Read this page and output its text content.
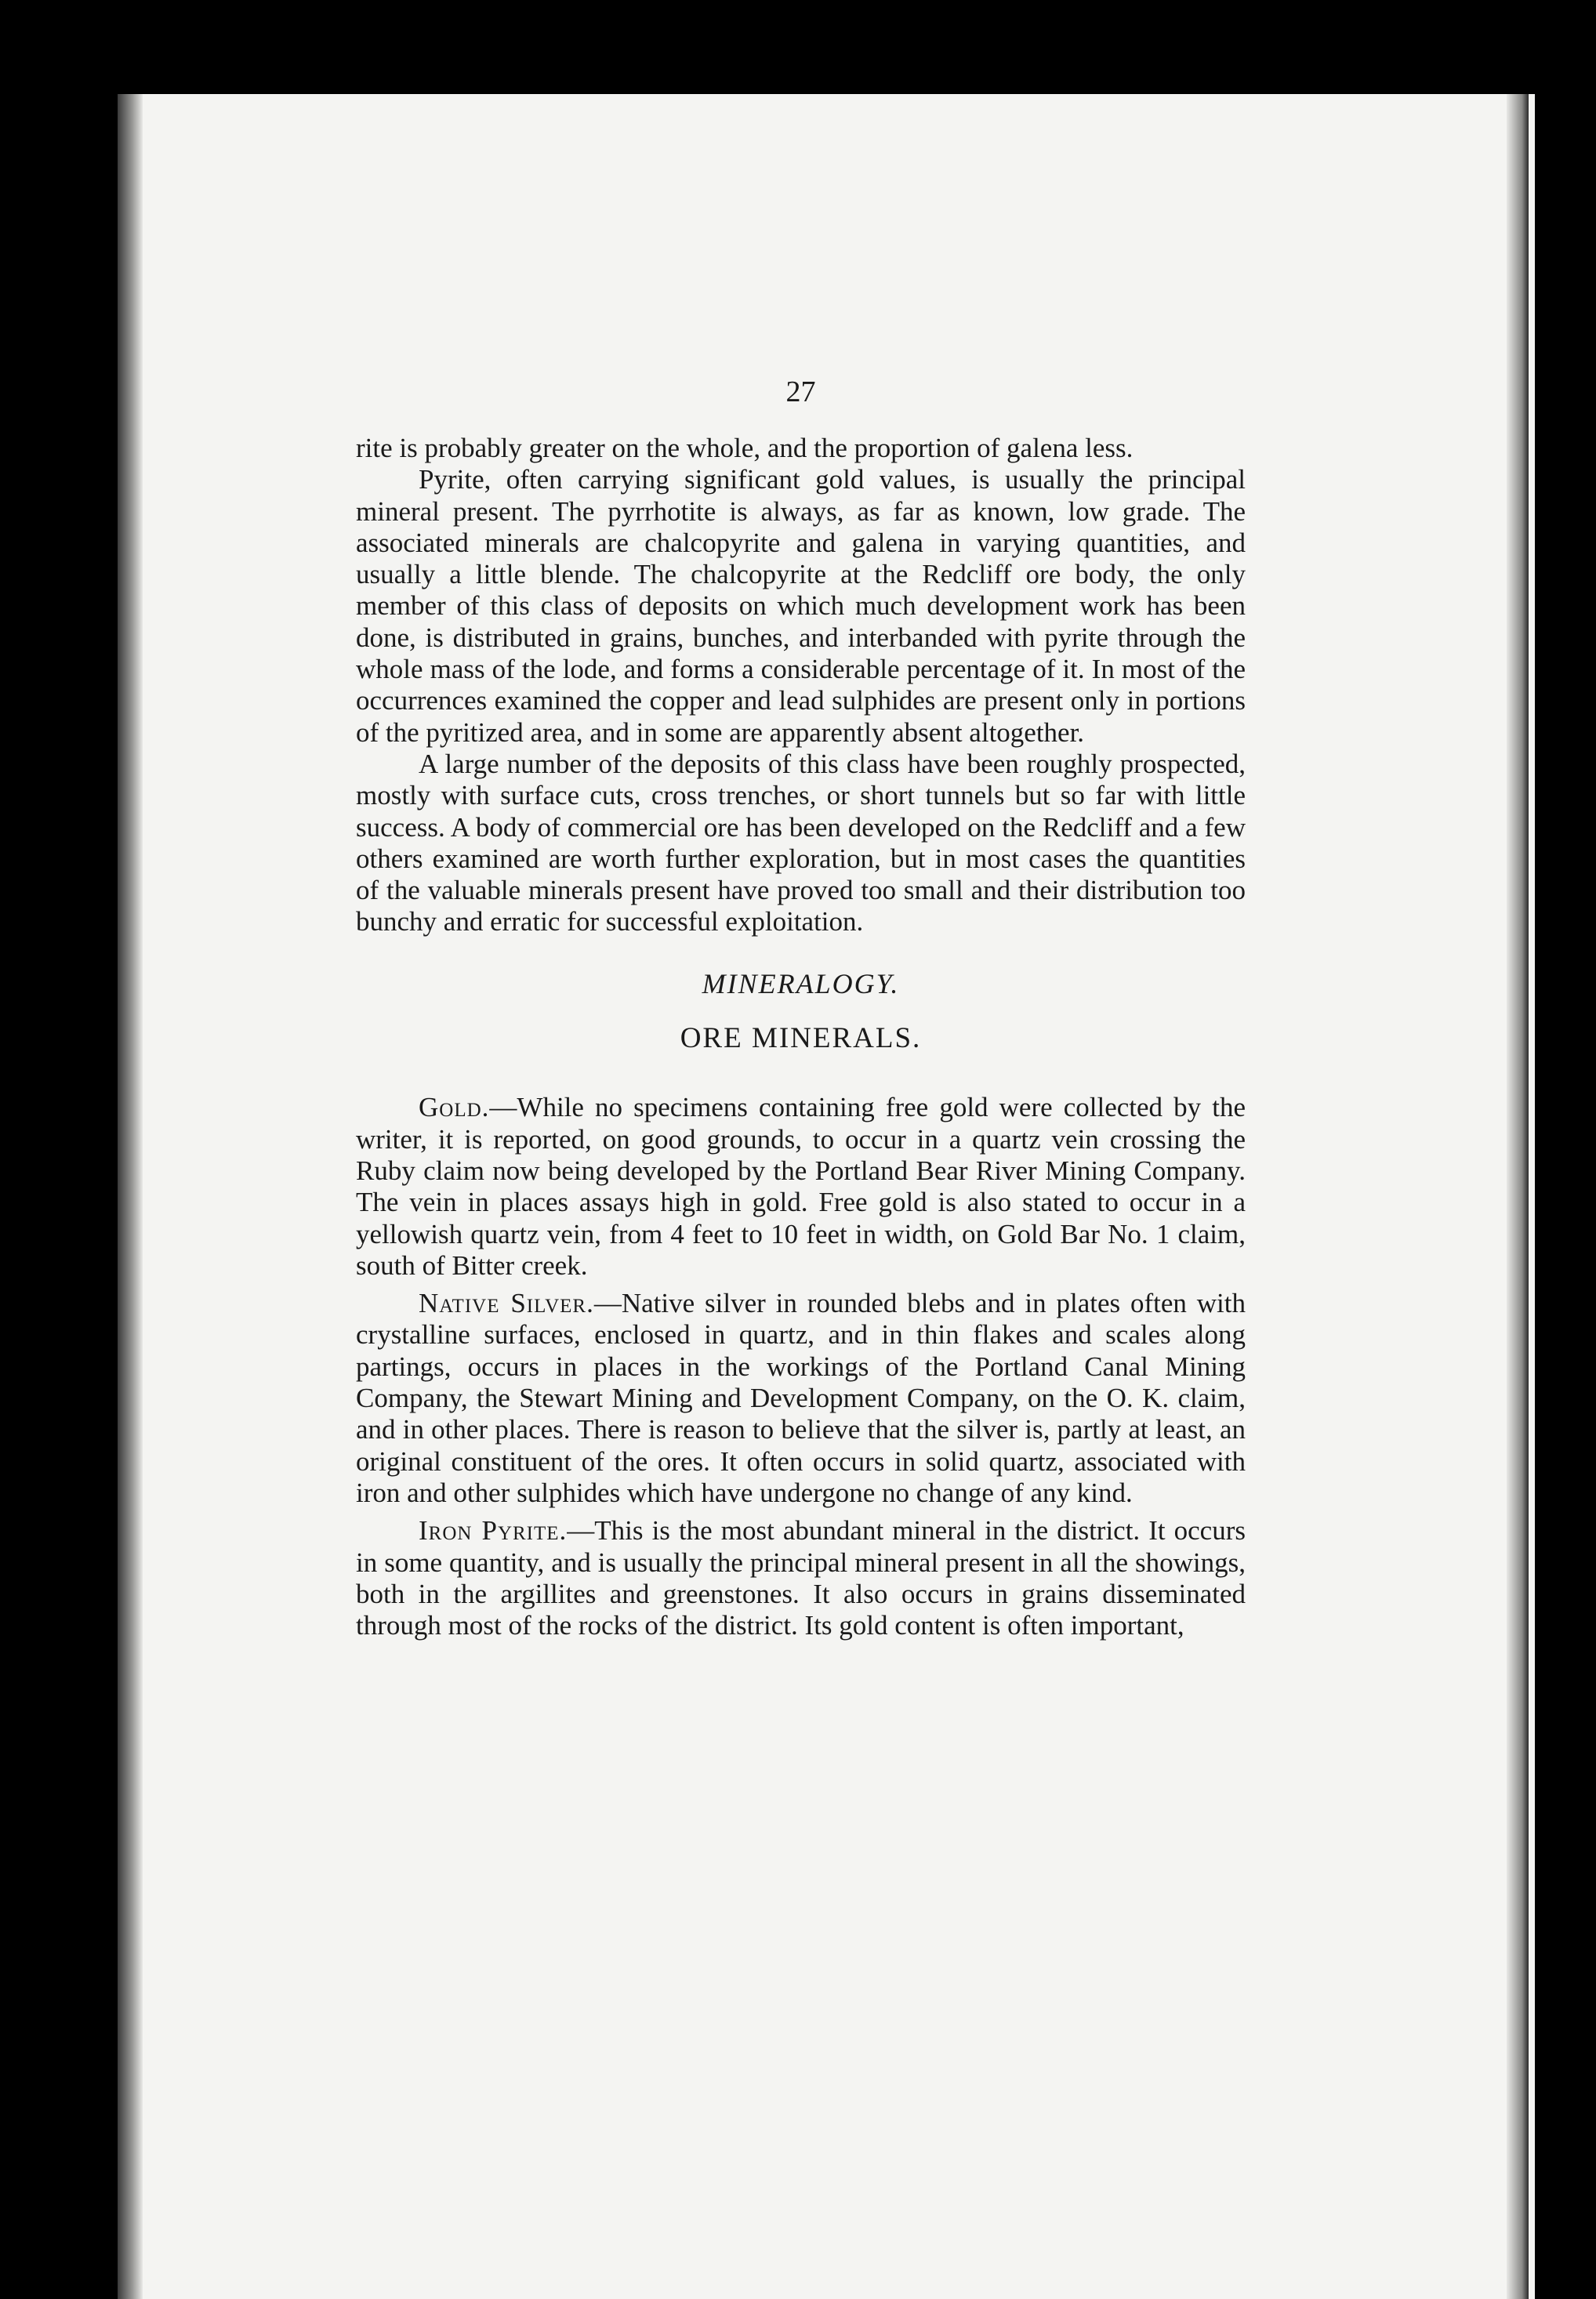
27

rite is probably greater on the whole, and the proportion of galena less.

Pyrite, often carrying significant gold values, is usually the principal mineral present. The pyrrhotite is always, as far as known, low grade. The associated minerals are chalcopyrite and galena in varying quantities, and usually a little blende. The chalcopyrite at the Redcliff ore body, the only member of this class of deposits on which much development work has been done, is distributed in grains, bunches, and interbanded with pyrite through the whole mass of the lode, and forms a considerable percentage of it. In most of the occurrences examined the copper and lead sulphides are present only in portions of the pyritized area, and in some are apparently absent altogether.

A large number of the deposits of this class have been roughly prospected, mostly with surface cuts, cross trenches, or short tunnels but so far with little success. A body of commercial ore has been developed on the Redcliff and a few others examined are worth further exploration, but in most cases the quantities of the valuable minerals present have proved too small and their distribution too bunchy and erratic for successful exploitation.

MINERALOGY.
ORE MINERALS.

Gold.—While no specimens containing free gold were collected by the writer, it is reported, on good grounds, to occur in a quartz vein crossing the Ruby claim now being developed by the Portland Bear River Mining Company. The vein in places assays high in gold. Free gold is also stated to occur in a yellowish quartz vein, from 4 feet to 10 feet in width, on Gold Bar No. 1 claim, south of Bitter creek.

Native Silver.—Native silver in rounded blebs and in plates often with crystalline surfaces, enclosed in quartz, and in thin flakes and scales along partings, occurs in places in the workings of the Portland Canal Mining Company, the Stewart Mining and Development Company, on the O. K. claim, and in other places. There is reason to believe that the silver is, partly at least, an original constituent of the ores. It often occurs in solid quartz, associated with iron and other sulphides which have undergone no change of any kind.

Iron Pyrite.—This is the most abundant mineral in the district. It occurs in some quantity, and is usually the principal mineral present in all the showings, both in the argillites and greenstones. It also occurs in grains disseminated through most of the rocks of the district. Its gold content is often important,
